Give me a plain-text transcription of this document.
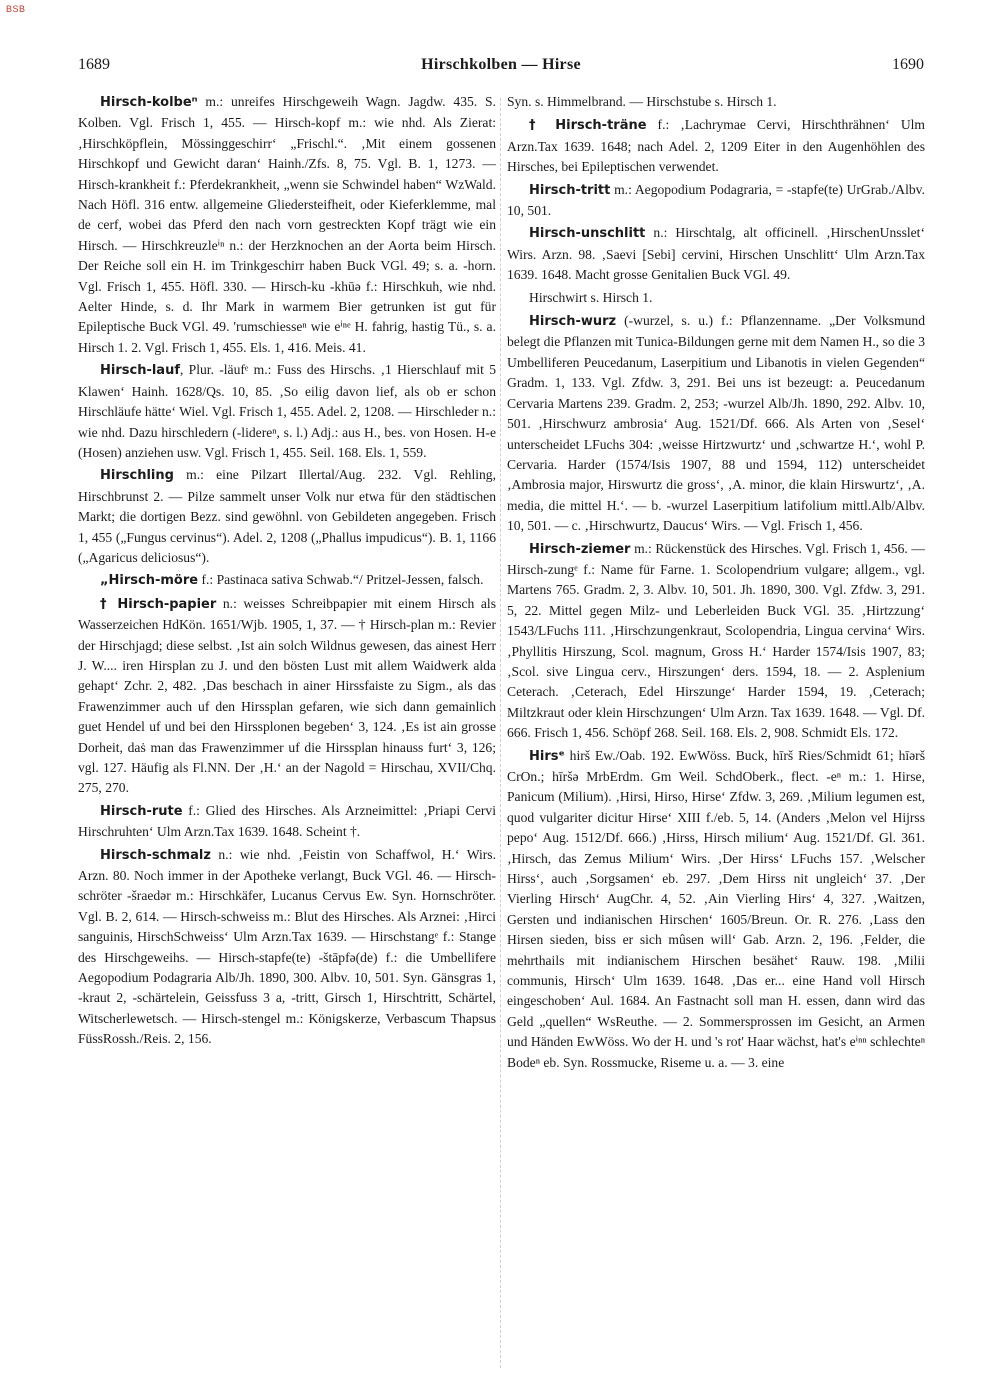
BSB
1689	Hirschkolben — Hirse	1690

Hirsch-kolbeⁿ m.: unreifes Hirschgeweih Wagn. Jagdw. 435. S. Kolben. Vgl. Frisch 1, 455. — Hirsch-kopf m.: wie nhd. Als Zierat: ‚Hirschköpflein, Mössinggeschirr‘ „Frischl.“. ‚Mit einem gossenen Hirschkopf und Gewicht daran‘ Hainh./Zfs. 8, 75. Vgl. B. 1, 1273. — Hirsch-krankheit f.: Pferdekrankheit, „wenn sie Schwindel haben“ WzWald. Nach Höfl. 316 entw. allgemeine Gliedersteifheit, oder Kieferklemme, mal de cerf, wobei das Pferd den nach vorn gestreckten Kopf trägt wie ein Hirsch. — Hirschkreuzleⁱⁿ n.: der Herzknochen an der Aorta beim Hirsch. Der Reiche soll ein H. im Trinkgeschirr haben Buck VGl. 49; s. a. -horn. Vgl. Frisch 1, 455. Höfl. 330. — Hirsch-ku -khūə f.: Hirschkuh, wie nhd. Aelter Hinde, s. d. Ihr Mark in warmem Bier getrunken ist gut für Epileptische Buck VGl. 49. 'rumschiesseⁿ wie eⁱⁿᵉ H. fahrig, hastig Tü., s. a. Hirsch 1. 2. Vgl. Frisch 1, 455. Els. 1, 416. Meis. 41.

Hirsch-lauf, Plur. -läufᵉ m.: Fuss des Hirschs. ‚1 Hierschlauf mit 5 Klawen‘ Hainh. 1628/Qs. 10, 85. ‚So eilig davon lief, als ob er schon Hirschläufe hätte‘ Wiel. Vgl. Frisch 1, 455. Adel. 2, 1208. — Hirschleder n.: wie nhd. Dazu hirschledern (-lidereⁿ, s. l.) Adj.: aus H., bes. von Hosen. H-e (Hosen) anziehen usw. Vgl. Frisch 1, 455. Seil. 168. Els. 1, 559.

Hirschling m.: eine Pilzart Illertal/Aug. 232. Vgl. Rehling, Hirschbrunst 2. — Pilze sammelt unser Volk nur etwa für den städtischen Markt; die dortigen Bezz. sind gewöhnl. von Gebildeten angegeben. Frisch 1, 455 („Fungus cervinus“). Adel. 2, 1208 („Phallus impudicus“). B. 1, 1166 („Agaricus deliciosus“).

„Hirsch-möre f.: Pastinaca sativa Schwab.“/ Pritzel-Jessen, falsch.

† Hirsch-papier n.: weisses Schreibpapier mit einem Hirsch als Wasserzeichen HdKön. 1651/Wjb. 1905, 1, 37. — † Hirsch-plan m.: Revier der Hirschjagd; diese selbst. ‚Ist ain solch Wildnus gewesen, das ainest Herr J. W.... iren Hirsplan zu J. und den bösten Lust mit allem Waidwerk alda gehapt‘ Zchr. 2, 482. ‚Das beschach in ainer Hirssfaiste zu Sigm., als das Frawenzimmer auch uf den Hirssplan gefaren, wie sich dann gemainlich guet Hendel uf und bei den Hirssplonen begeben‘ 3, 124. ‚Es ist ain grosse Dorheit, daṡ man das Frawenzimmer uf die Hirssplan hinauss furt‘ 3, 126; vgl. 127. Häufig als Fl.NN. Der ‚H.‘ an der Nagold = Hirschau, XVII/Chq. 275, 270.

Hirsch-rute f.: Glied des Hirsches. Als Arzneimittel: ‚Priapi Cervi Hirschruhten‘ Ulm Arzn.Tax 1639. 1648. Scheint †.

Hirsch-schmalz n.: wie nhd. ‚Feistin von Schaffwol, H.‘ Wirs. Arzn. 80. Noch immer in der Apotheke verlangt, Buck VGl. 46. — Hirsch-schröter -šraedər m.: Hirschkäfer, Lucanus Cervus Ew. Syn. Hornschröter. Vgl. B. 2, 614. — Hirsch-schweiss m.: Blut des Hirsches. Als Arznei: ‚Hirci sanguinis, HirschSchweiss‘ Ulm Arzn.Tax 1639. — Hirschstangᵉ f.: Stange des Hirschgeweihs. — Hirsch-stapfe(te) -štāpfə(de) f.: die Umbellifere Aegopodium Podagraria Alb/Jh. 1890, 300. Albv. 10, 501. Syn. Gänsgras 1, -kraut 2, -schärtelein, Geissfuss 3 a, -tritt, Girsch 1, Hirschtritt, Schärtel, Witscherlewetsch. — Hirsch-stengel m.: Königskerze, Verbascum Thapsus FüssRossh./Reis. 2, 156.

Syn. s. Himmelbrand. — Hirschstube s. Hirsch 1.

† Hirsch-träne f.: ‚Lachrymae Cervi, Hirschthrähnen‘ Ulm Arzn.Tax 1639. 1648; nach Adel. 2, 1209 Eiter in den Augenhöhlen des Hirsches, bei Epileptischen verwendet.

Hirsch-tritt m.: Aegopodium Podagraria, = -stapfe(te) UrGrab./Albv. 10, 501.

Hirsch-unschlitt n.: Hirschtalg, alt officinell. ‚HirschenUnsslet‘ Wirs. Arzn. 98. ‚Saevi [Sebi] cervini, Hirschen Unschlitt‘ Ulm Arzn.Tax 1639. 1648. Macht grosse Genitalien Buck VGl. 49.

Hirschwirt s. Hirsch 1.

Hirsch-wurz (-wurzel, s. u.) f.: Pflanzenname. „Der Volksmund belegt die Pflanzen mit Tunica-Bildungen gerne mit dem Namen H., so die 3 Umbelliferen Peucedanum, Laserpitium und Libanotis in vielen Gegenden“ Gradm. 1, 133. Vgl. Zfdw. 3, 291. Bei uns ist bezeugt: a. Peucedanum Cervaria Martens 239. Gradm. 2, 253; -wurzel Alb/Jh. 1890, 292. Albv. 10, 501. ‚Hirschwurz ambrosia‘ Aug. 1521/Df. 666. Als Arten von ‚Sesel‘ unterscheidet LFuchs 304: ‚weisse Hirtzwurtz‘ und ‚schwartze H.‘, wohl P. Cervaria. Harder (1574/Isis 1907, 88 und 1594, 112) unterscheidet ‚Ambrosia major, Hirswurtz die gross‘, ‚A. minor, die klain Hirswurtz‘, ‚A. media, die mittel H.‘. — b. -wurzel Laserpitium latifolium mittl.Alb/Albv. 10, 501. — c. ‚Hirschwurtz, Daucus‘ Wirs. — Vgl. Frisch 1, 456.

Hirsch-ziemer m.: Rückenstück des Hirsches. Vgl. Frisch 1, 456. — Hirsch-zungᵉ f.: Name für Farne. 1. Scolopendrium vulgare; allgem., vgl. Martens 765. Gradm. 2, 3. Albv. 10, 501. Jh. 1890, 300. Vgl. Zfdw. 3, 291. 5, 22. Mittel gegen Milz- und Leberleiden Buck VGl. 35. ‚Hirtzzung‘ 1543/LFuchs 111. ‚Hirschzungenkraut, Scolopendria, Lingua cervina‘ Wirs. ‚Phyllitis Hirszung, Scol. magnum, Gross H.‘ Harder 1574/Isis 1907, 83; ‚Scol. sive Lingua cerv., Hirszungen‘ ders. 1594, 18. — 2. Asplenium Ceterach. ‚Ceterach, Edel Hirszunge‘ Harder 1594, 19. ‚Ceterach; Miltzkraut oder klein Hirschzungen‘ Ulm Arzn. Tax 1639. 1648. — Vgl. Df. 666. Frisch 1, 456. Schöpf 268. Seil. 168. Els. 2, 908. Schmidt Els. 172.

Hirsᵉ hirš Ew./Oab. 192. EwWöss. Buck, hīrš Ries/Schmidt 61; hīərš CrOn.; hīršə MrbErdm. Gm Weil. SchdOberk., flect. -eⁿ m.: 1. Hirse, Panicum (Milium). ‚Hirsi, Hirso, Hirse‘ Zfdw. 3, 269. ‚Milium legumen est, quod vulgariter dicitur Hirse‘ XIII f./eb. 5, 14. (Anders ‚Melon vel Hijrss pepo‘ Aug. 1512/Df. 666.) ‚Hirss, Hirsch milium‘ Aug. 1521/Df. Gl. 361. ‚Hirsch, das Zemus Milium‘ Wirs. ‚Der Hirss‘ LFuchs 157. ‚Welscher Hirss‘, auch ‚Sorgsamen‘ eb. 297. ‚Dem Hirss nit ungleich‘ 37. ‚Der Vierling Hirsch‘ AugChr. 4, 52. ‚Ain Vierling Hirs‘ 4, 327. ‚Waitzen, Gersten und indianischen Hirschen‘ 1605/Breun. Or. R. 276. ‚Lass den Hirsen sieden, biss er sich mûsen will‘ Gab. Arzn. 2, 196. ‚Felder, die mehrthails mit indianischem Hirschen besähet‘ Rauw. 198. ‚Milii communis, Hirsch‘ Ulm 1639. 1648. ‚Das er... eine Hand voll Hirsch eingeschoben‘ Aul. 1684. An Fastnacht soll man H. essen, dann wird das Geld „quellen“ WsReuthe. — 2. Sommersprossen im Gesicht, an Armen und Händen EwWöss. Wo der H. und 's rot' Haar wächst, hat's eⁱⁿⁿ schlechteⁿ Bodeⁿ eb. Syn. Rossmucke, Riseme u. a. — 3. eine
